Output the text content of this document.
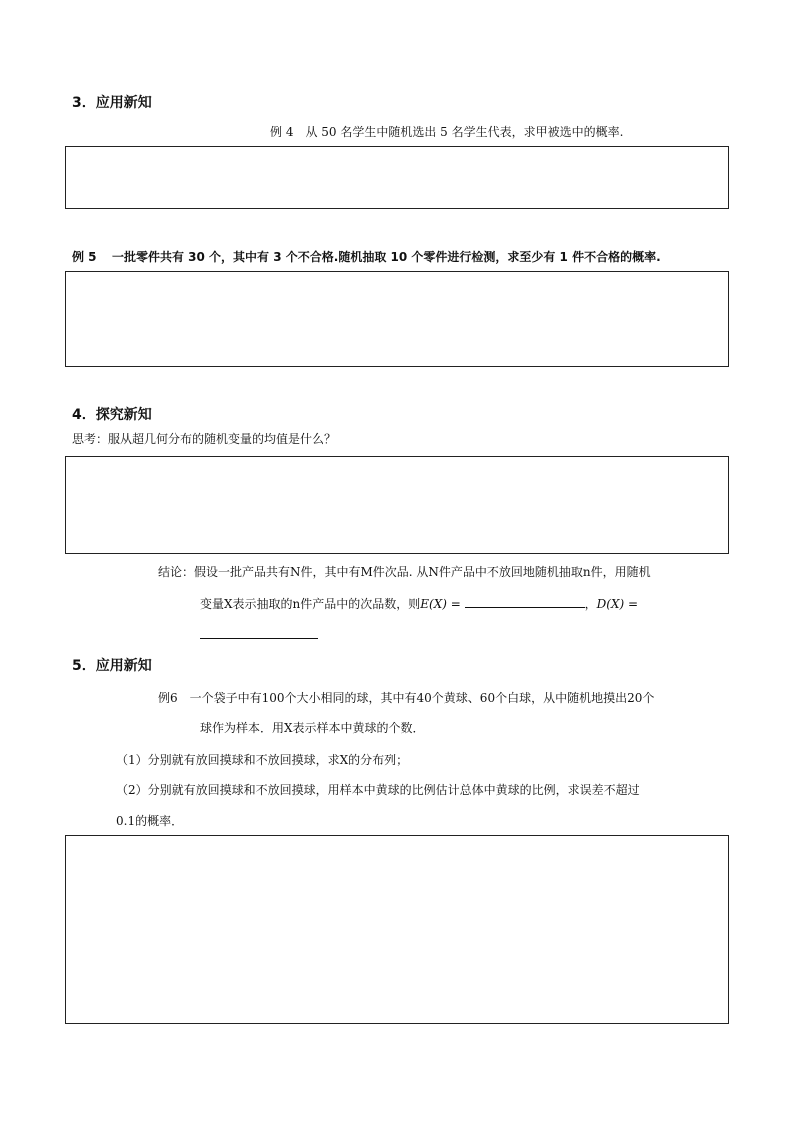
3．应用新知
例 4　从 50 名学生中随机选出 5 名学生代表，求甲被选中的概率.
例 5 一批零件共有 30 个，其中有 3 个不合格.随机抽取 10 个零件进行检测，求至少有 1 件不合格的概率.
4．探究新知
思考：服从超几何分布的随机变量的均值是什么？
结论：假设一批产品共有N件，其中有M件次品. 从N件产品中不放回地随机抽取n件，用随机
变量X表示抽取的n件产品中的次品数，则E(X) =	，D(X) =
5．应用新知
例6　一个袋子中有100个大小相同的球，其中有40个黄球、60个白球，从中随机地摸出20个
球作为样本．用X表示样本中黄球的个数．
（1）分别就有放回摸球和不放回摸球，求X的分布列；
（2）分别就有放回摸球和不放回摸球，用样本中黄球的比例估计总体中黄球的比例，求误差不超过
0.1的概率．
